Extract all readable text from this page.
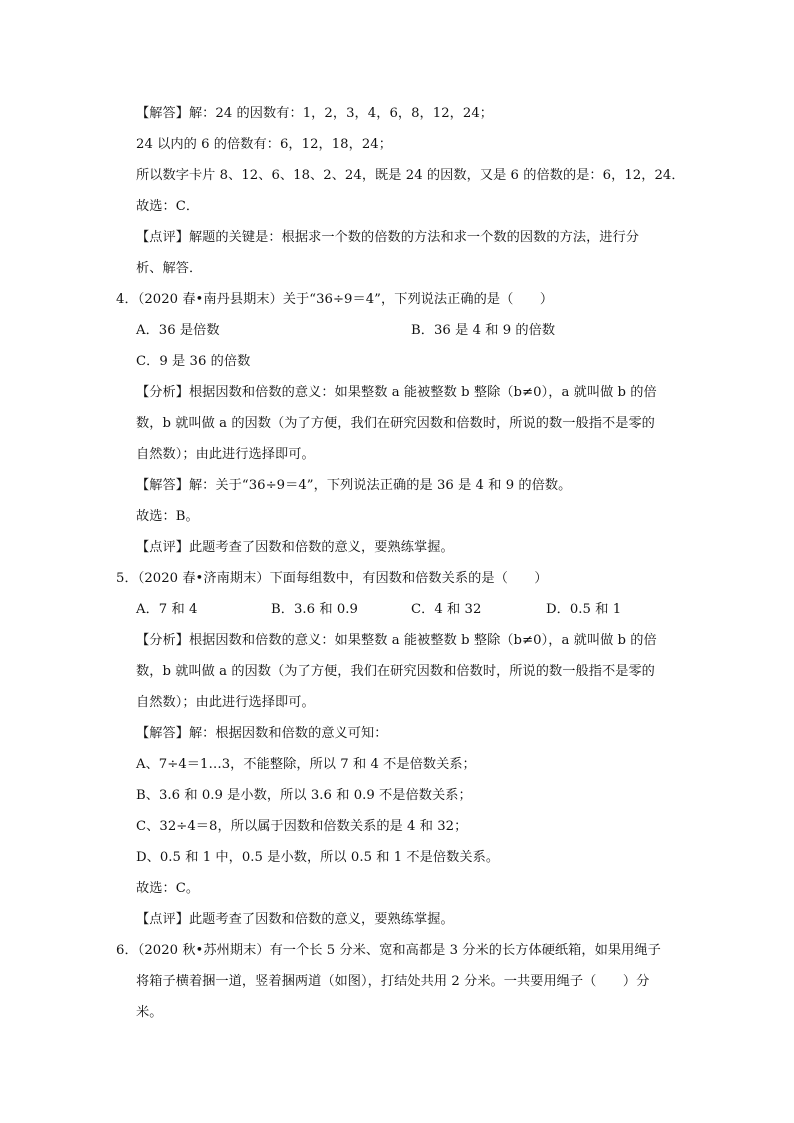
【解答】解：24 的因数有：1，2，3，4，6，8，12，24；
24 以内的 6 的倍数有：6，12，18，24；
所以数字卡片 8、12、6、18、2、24，既是 24 的因数，又是 6 的倍数的是：6，12，24．
故选：C．
【点评】解题的关键是：根据求一个数的倍数的方法和求一个数的因数的方法，进行分
析、解答．
4．（2020 春•南丹县期末）关于“36÷9＝4”，下列说法正确的是（　　）
A．36 是倍数	B．36 是 4 和 9 的倍数
C．9 是 36 的倍数
【分析】根据因数和倍数的意义：如果整数 a 能被整数 b 整除（b≠0），a 就叫做 b 的倍
数，b 就叫做 a 的因数（为了方便，我们在研究因数和倍数时，所说的数一般指不是零的
自然数）；由此进行选择即可。
【解答】解：关于“36÷9＝4”，下列说法正确的是 36 是 4 和 9 的倍数。
故选：B。
【点评】此题考查了因数和倍数的意义，要熟练掌握。
5．（2020 春•济南期末）下面每组数中，有因数和倍数关系的是（　　）
A．7 和 4	B．3.6 和 0.9	C．4 和 32	D．0.5 和 1
【分析】根据因数和倍数的意义：如果整数 a 能被整数 b 整除（b≠0），a 就叫做 b 的倍
数，b 就叫做 a 的因数（为了方便，我们在研究因数和倍数时，所说的数一般指不是零的
自然数）；由此进行选择即可。
【解答】解：根据因数和倍数的意义可知：
A、7÷4＝1…3，不能整除，所以 7 和 4 不是倍数关系；
B、3.6 和 0.9 是小数，所以 3.6 和 0.9 不是倍数关系；
C、32÷4＝8，所以属于因数和倍数关系的是 4 和 32；
D、0.5 和 1 中，0.5 是小数，所以 0.5 和 1 不是倍数关系。
故选：C。
【点评】此题考查了因数和倍数的意义，要熟练掌握。
6．（2020 秋•苏州期末）有一个长 5 分米、宽和高都是 3 分米的长方体硬纸箱，如果用绳子
将箱子横着捆一道，竖着捆两道（如图），打结处共用 2 分米。一共要用绳子（　　）分
米。
